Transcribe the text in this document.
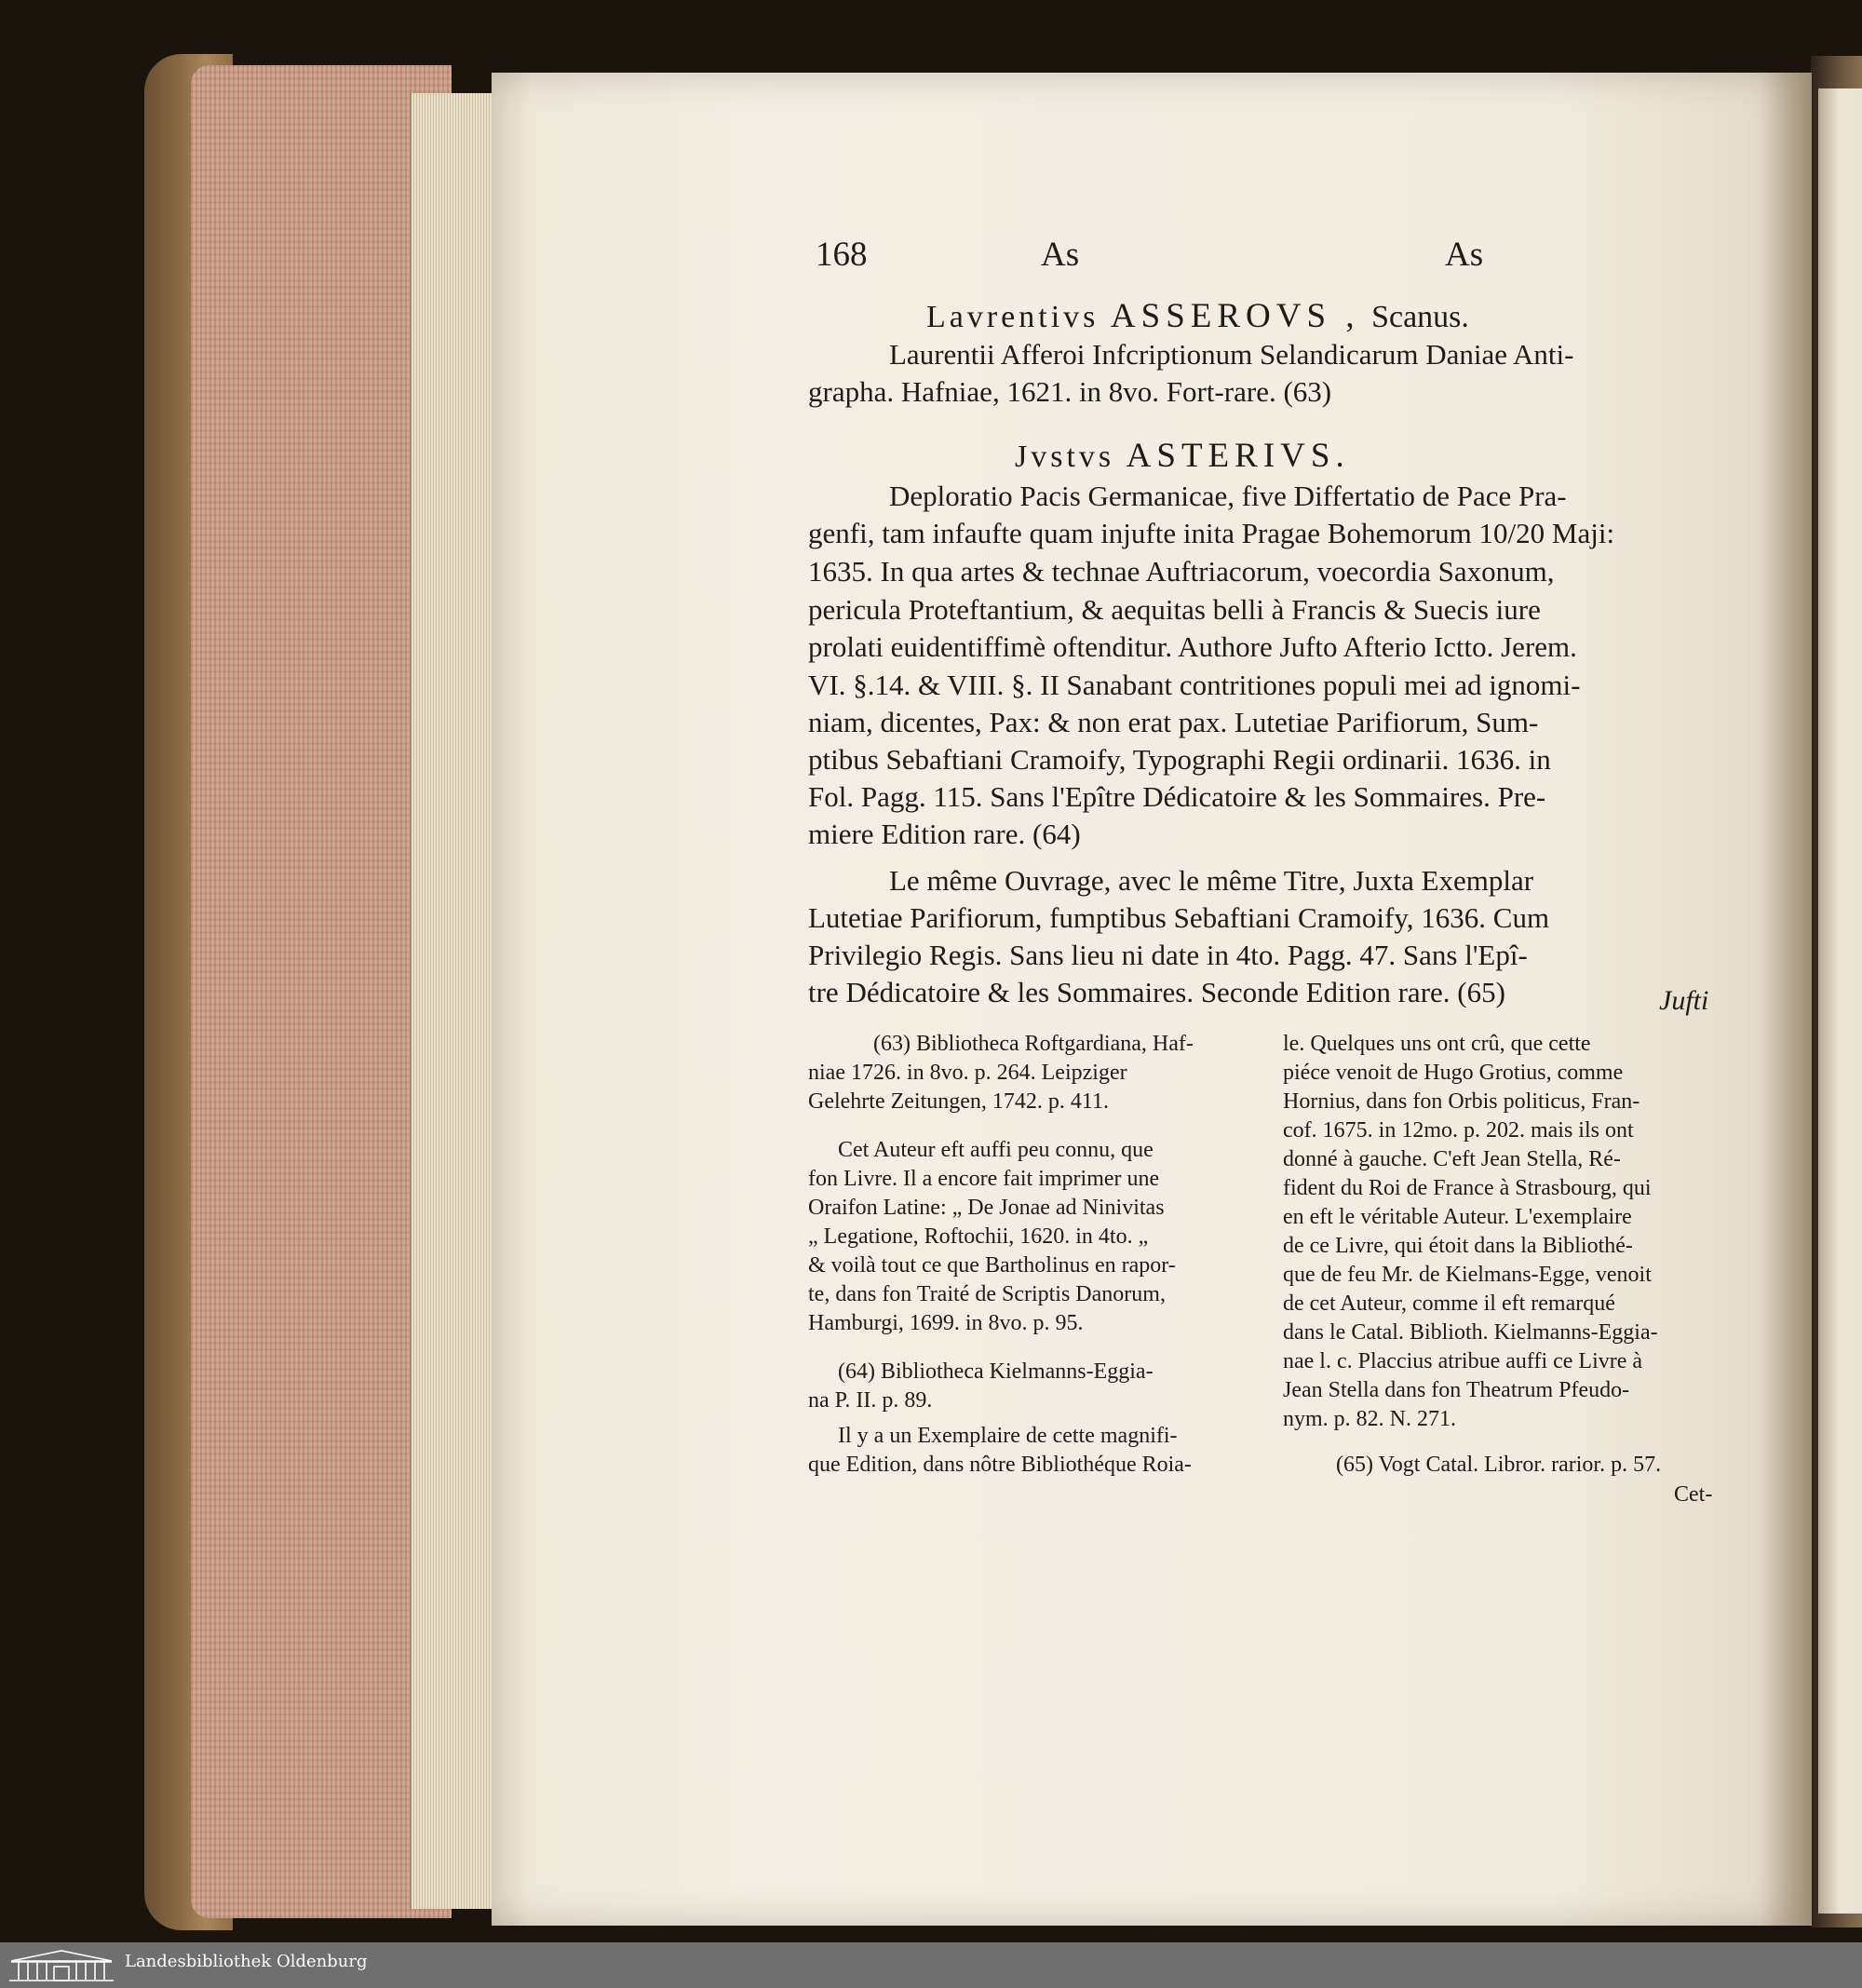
168	As	As
Lavrentivs ASSEROVS , Scanus.
Laurentii Afferoi Infcriptionum Selandicarum Daniae Anti-
grapha. Hafniae, 1621. in 8vo. Fort-rare. (63)
Jvstvs ASTERIVS.
Deploratio Pacis Germanicae, five Differtatio de Pace Pra-
genfi, tam infaufte quam injufte inita Pragae Bohemorum 10/20 Maji:
1635. In qua artes & technae Auftriacorum, voecordia Saxonum,
pericula Proteftantium, & aequitas belli à Francis & Suecis iure
prolati euidentiffimè oftenditur. Authore Jufto Afterio Ictto. Jerem.
VI. §.14. & VIII. §. II Sanabant contritiones populi mei ad ignomi-
niam, dicentes, Pax: & non erat pax. Lutetiae Parifiorum, Sum-
ptibus Sebaftiani Cramoify, Typographi Regii ordinarii. 1636. in
Fol. Pagg. 115. Sans l'Epître Dédicatoire & les Sommaires. Pre-
miere Edition rare. (64)
Le même Ouvrage, avec le même Titre, Juxta Exemplar
Lutetiae Parifiorum, fumptibus Sebaftiani Cramoify, 1636. Cum
Privilegio Regis. Sans lieu ni date in 4to. Pagg. 47. Sans l'Epî-
tre Dédicatoire & les Sommaires. Seconde Edition rare. (65)	Jufti
(63) Bibliotheca Roftgardiana, Haf-
niae 1726. in 8vo. p. 264. Leipziger
Gelehrte Zeitungen, 1742. p. 411.
Cet Auteur eft auffi peu connu, que
fon Livre. Il a encore fait imprimer une
Oraifon Latine: „ De Jonae ad Ninivitas
„ Legatione, Roftochii, 1620. in 4to. „
& voilà tout ce que Bartholinus en rapor-
te, dans fon Traité de Scriptis Danorum,
Hamburgi, 1699. in 8vo. p. 95.
(64) Bibliotheca Kielmanns-Eggia-
na P. II. p. 89.
Il y a un Exemplaire de cette magnifi-
que Edition, dans nôtre Bibliothéque Roia-
le. Quelques uns ont crû, que cette
piéce venoit de Hugo Grotius, comme
Hornius, dans fon Orbis politicus, Fran-
cof. 1675. in 12mo. p. 202. mais ils ont
donné à gauche. C'eft Jean Stella, Ré-
fident du Roi de France à Strasbourg, qui
en eft le véritable Auteur. L'exemplaire
de ce Livre, qui étoit dans la Bibliothé-
que de feu Mr. de Kielmans-Egge, venoit
de cet Auteur, comme il eft remarqué
dans le Catal. Biblioth. Kielmanns-Eggia-
nae l. c. Placcius atribue auffi ce Livre à
Jean Stella dans fon Theatrum Pfeudo-
nym. p. 82. N. 271.
(65) Vogt Catal. Libror. rarior. p. 57.
Cet-
Landesbibliothek Oldenburg
